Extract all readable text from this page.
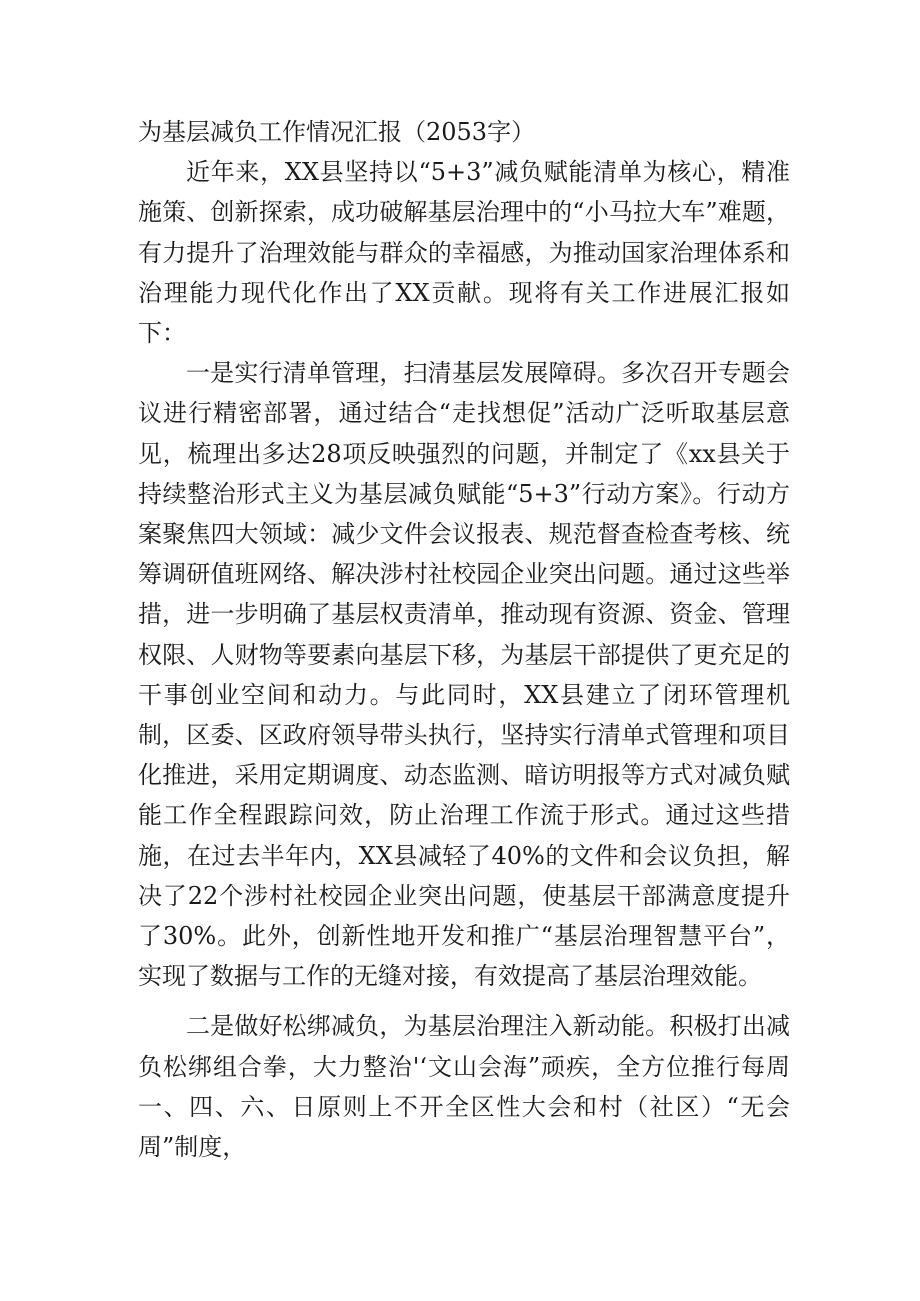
为基层减负工作情况汇报（2053字）

近年来，XX县坚持以“5+3”减负赋能清单为核心，精准施策、创新探索，成功破解基层治理中的“小马拉大车”难题，有力提升了治理效能与群众的幸福感，为推动国家治理体系和治理能力现代化作出了XX贡献。现将有关工作进展汇报如下：

一是实行清单管理，扫清基层发展障碍。多次召开专题会议进行精密部署，通过结合“走找想促”活动广泛听取基层意见，梳理出多达28项反映强烈的问题，并制定了《xx县关于持续整治形式主义为基层减负赋能“5+3”行动方案》。行动方案聚焦四大领域：减少文件会议报表、规范督查检查考核、统筹调研值班网络、解决涉村社校园企业突出问题。通过这些举措，进一步明确了基层权责清单，推动现有资源、资金、管理权限、人财物等要素向基层下移，为基层干部提供了更充足的干事创业空间和动力。与此同时，XX县建立了闭环管理机制，区委、区政府领导带头执行，坚持实行清单式管理和项目化推进，采用定期调度、动态监测、暗访明报等方式对减负赋能工作全程跟踪问效，防止治理工作流于形式。通过这些措施，在过去半年内，XX县减轻了40%的文件和会议负担，解决了22个涉村社校园企业突出问题，使基层干部满意度提升了30%。此外，创新性地开发和推广“基层治理智慧平台”，实现了数据与工作的无缝对接，有效提高了基层治理效能。

二是做好松绑减负，为基层治理注入新动能。积极打出减负松绑组合拳，大力整治'‘文山会海”顽疾，全方位推行每周一、四、六、日原则上不开全区性大会和村（社区）“无会周”制度，
